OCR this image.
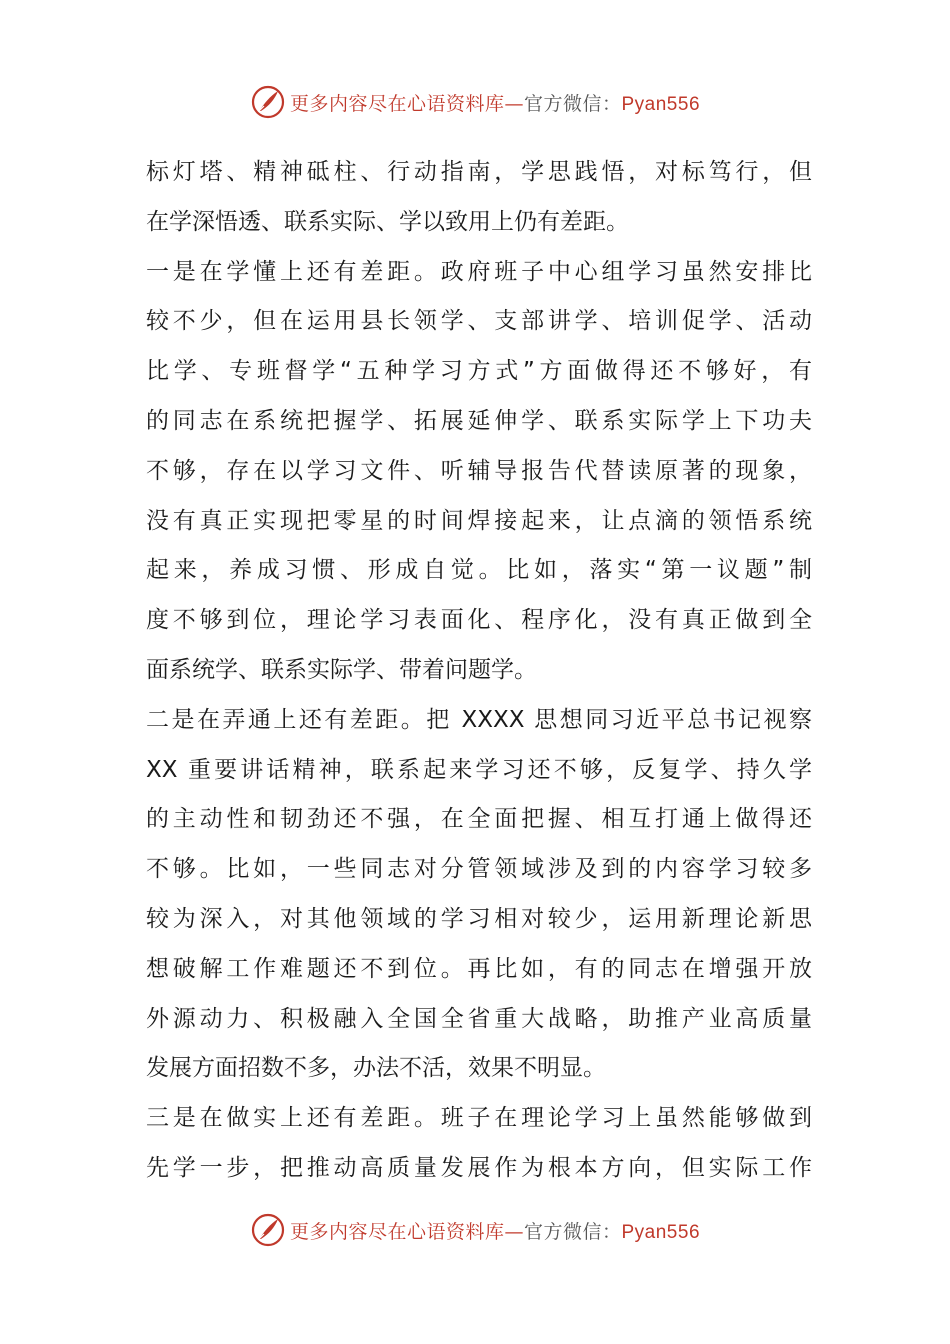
更多内容尽在心语资料库—官方微信：Pyan556
标灯塔、精神砥柱、行动指南，学思践悟，对标笃行，但
在学深悟透、联系实际、学以致用上仍有差距。
一是在学懂上还有差距。政府班子中心组学习虽然安排比
较不少，但在运用县长领学、支部讲学、培训促学、活动
比学、专班督学“五种学习方式”方面做得还不够好，有
的同志在系统把握学、拓展延伸学、联系实际学上下功夫
不够，存在以学习文件、听辅导报告代替读原著的现象，
没有真正实现把零星的时间焊接起来，让点滴的领悟系统
起来，养成习惯、形成自觉。比如，落实“第一议题”制
度不够到位，理论学习表面化、程序化，没有真正做到全
面系统学、联系实际学、带着问题学。
二是在弄通上还有差距。把 XXXX 思想同习近平总书记视察
XX 重要讲话精神，联系起来学习还不够，反复学、持久学
的主动性和韧劲还不强，在全面把握、相互打通上做得还
不够。比如，一些同志对分管领域涉及到的内容学习较多
较为深入，对其他领域的学习相对较少，运用新理论新思
想破解工作难题还不到位。再比如，有的同志在增强开放
外源动力、积极融入全国全省重大战略，助推产业高质量
发展方面招数不多，办法不活，效果不明显。
三是在做实上还有差距。班子在理论学习上虽然能够做到
先学一步，把推动高质量发展作为根本方向，但实际工作
更多内容尽在心语资料库—官方微信：Pyan556
